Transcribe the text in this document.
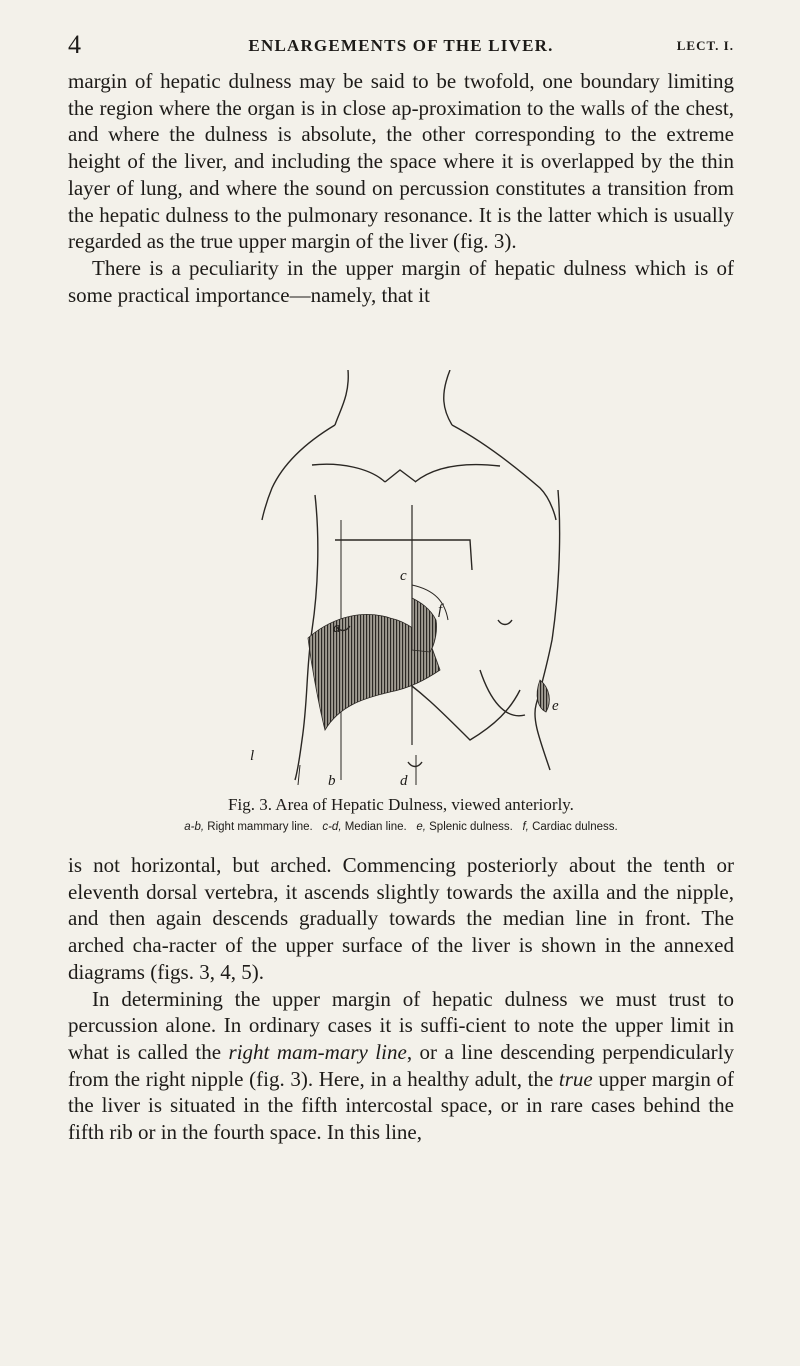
4	ENLARGEMENTS OF THE LIVER.	LECT. I.

margin of hepatic dulness may be said to be twofold, one boundary limiting the region where the organ is in close ap-proximation to the walls of the chest, and where the dulness is absolute, the other corresponding to the extreme height of the liver, and including the space where it is overlapped by the thin layer of lung, and where the sound on percussion constitutes a transition from the hepatic dulness to the pulmonary resonance. It is the latter which is usually regarded as the true upper margin of the liver (fig. 3).

There is a peculiarity in the upper margin of hepatic dulness which is of some practical importance—namely, that it

l
a
b
c
d
e
f
Fig. 3. Area of Hepatic Dulness, viewed anteriorly.
a-b, Right mammary line. c-d, Median line. e, Splenic dulness. f, Cardiac dulness.

is not horizontal, but arched. Commencing posteriorly about the tenth or eleventh dorsal vertebra, it ascends slightly towards the axilla and the nipple, and then again descends gradually towards the median line in front. The arched cha-racter of the upper surface of the liver is shown in the annexed diagrams (figs. 3, 4, 5).

In determining the upper margin of hepatic dulness we must trust to percussion alone. In ordinary cases it is suffi-cient to note the upper limit in what is called the right mam-mary line, or a line descending perpendicularly from the right nipple (fig. 3). Here, in a healthy adult, the true upper margin of the liver is situated in the fifth intercostal space, or in rare cases behind the fifth rib or in the fourth space. In this line,
